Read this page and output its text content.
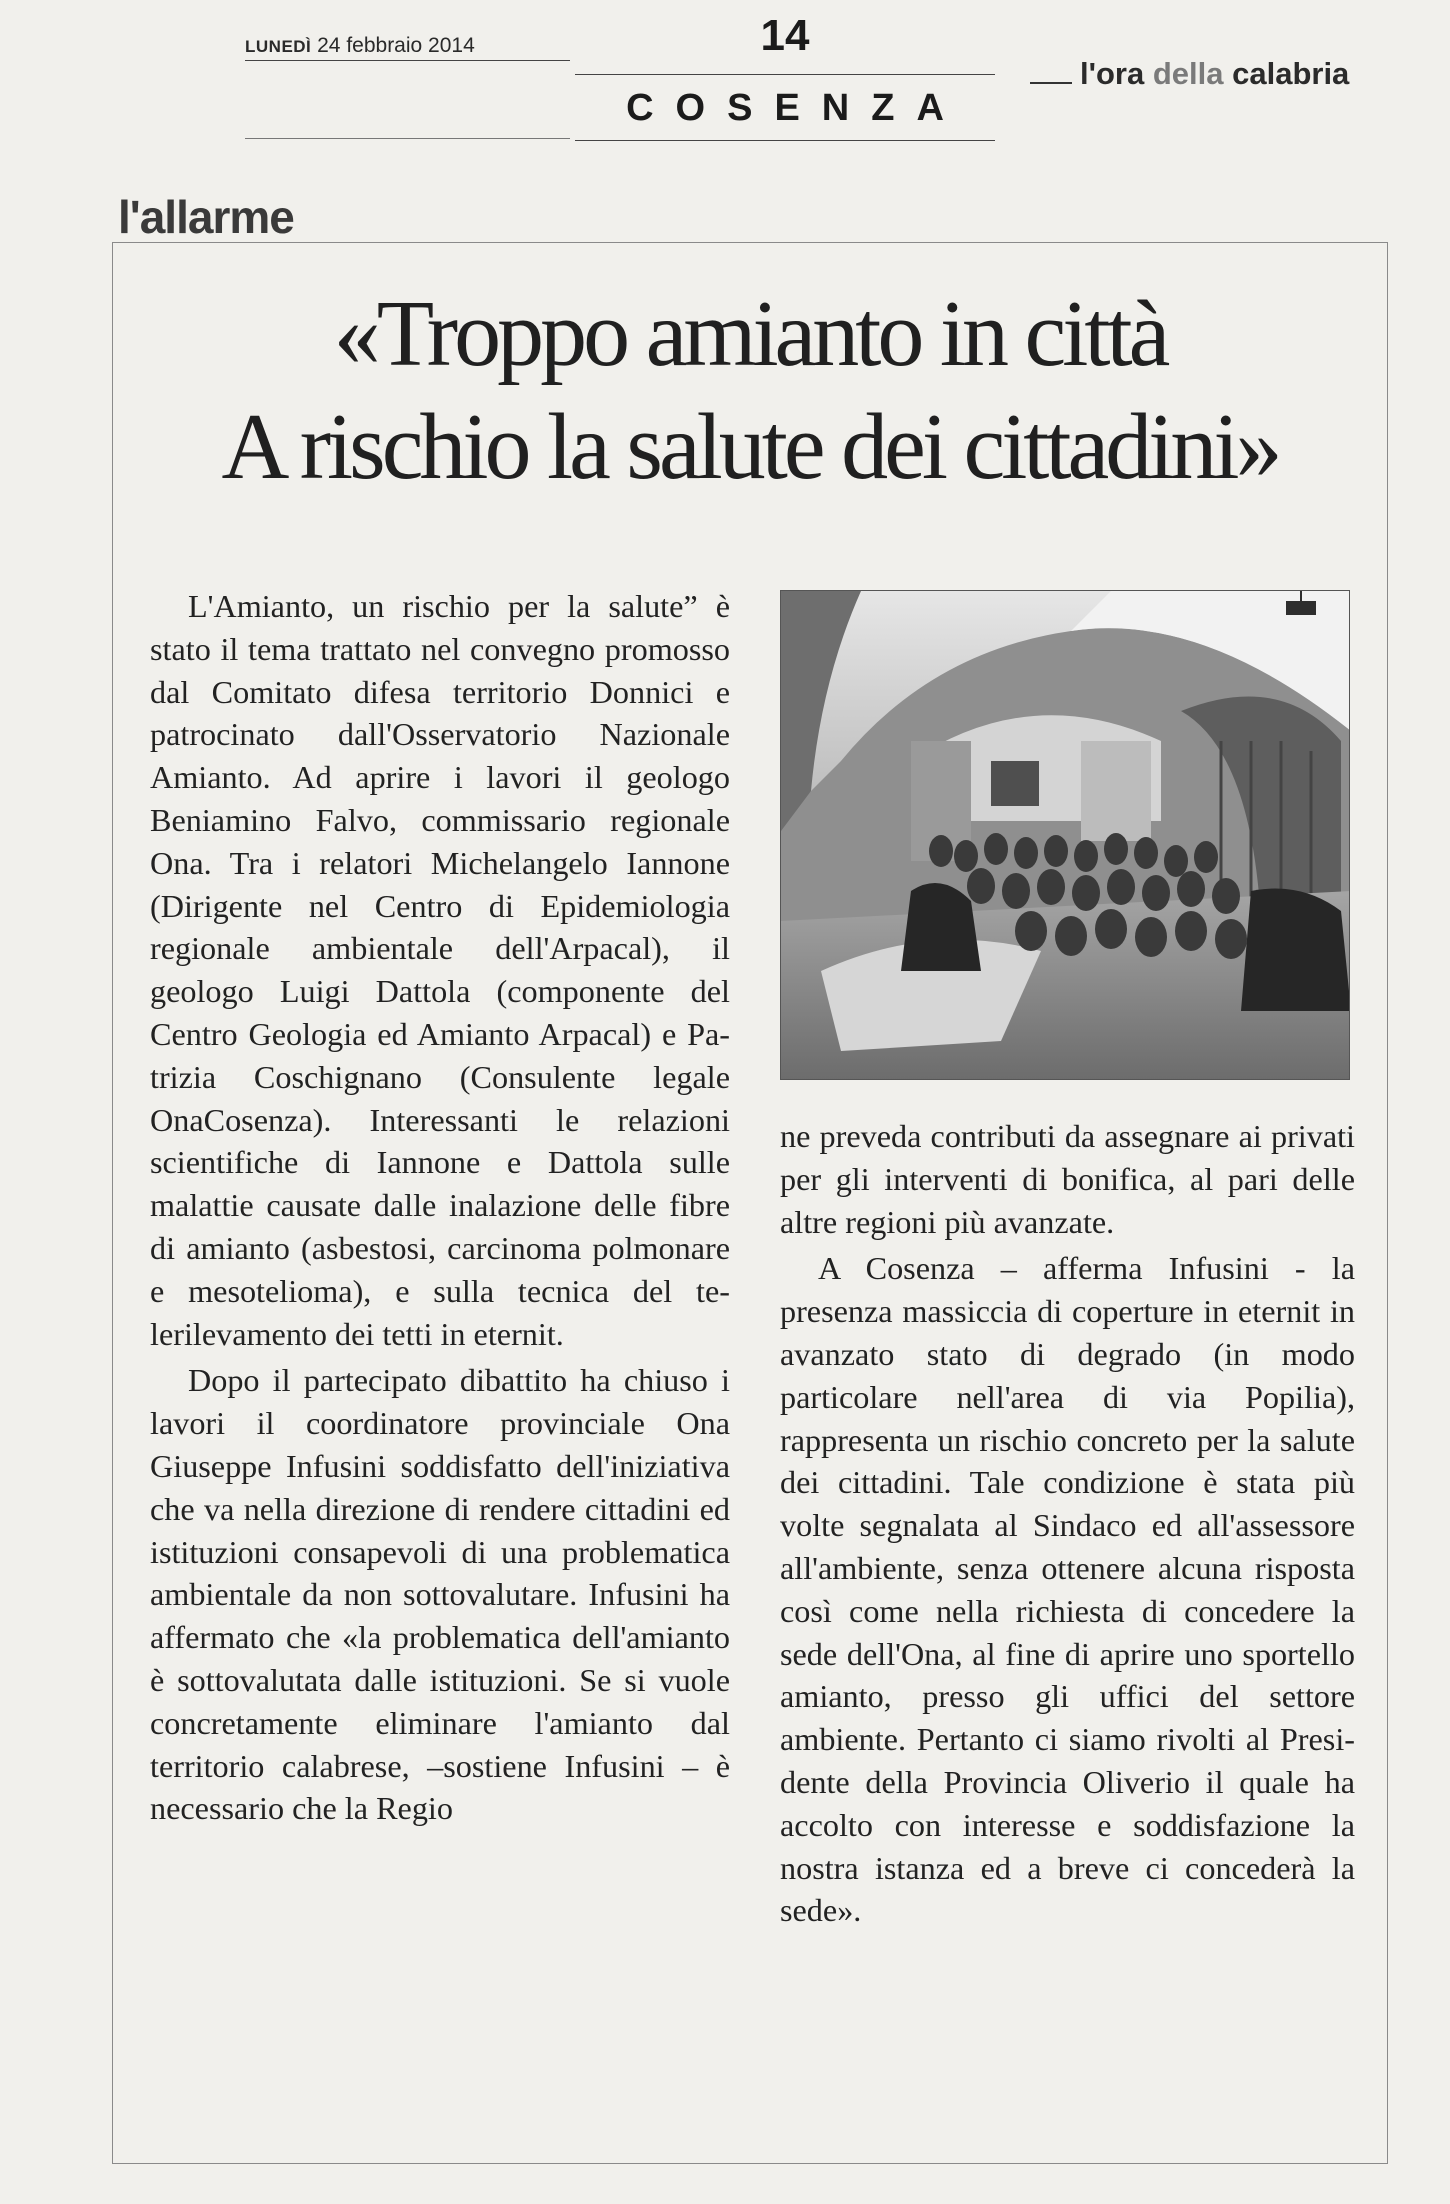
LUNEDÌ 24 febbraio 2014	14
COSENZA
l'ora della calabria
l'allarme
«Troppo amianto in città
A rischio la salute dei cittadini»

L'Amianto, un rischio per la salute” è stato il tema trattato nel convegno promosso dal Comitato difesa territorio Donnici e patrocinato dall'Osservatorio Nazionale Amianto. Ad aprire i lavori il geologo Beniamino Falvo, commissario regionale Ona. Tra i relatori Michelangelo Iannone (Dirigente nel Centro di Epidemiologia regionale ambientale dell'Arpacal), il geologo Luigi Dattola (componente del Centro Geologia ed Amianto Arpacal) e Patrizia Coschignano (Consulente legale OnaCosenza). Interessanti le relazioni scientifiche di Iannone e Dattola sulle malattie causate dalle inalazione delle fibre di amianto (asbestosi, carcinoma polmonare e mesotelioma), e sulla tecnica del telerilevamento dei tetti in eternit.

Dopo il partecipato dibattito ha chiuso i lavori il coordinatore provinciale Ona Giuseppe Infusini soddisfatto dell'iniziativa che va nella direzione di rendere cittadini ed istituzioni consapevoli di una problematica ambientale da non sottovalutare. Infusini ha affermato che «la problematica dell'amianto è sottovalutata dalle istituzioni. Se si vuole concretamente eliminare l'amianto dal territorio calabrese, –sostiene Infusini – è necessario che la Regio

ne preveda contributi da assegnare ai privati per gli interventi di bonifica, al pari delle altre regioni più avanzate.

A Cosenza – afferma Infusini - la presenza massiccia di coperture in eternit in avanzato stato di degrado (in modo particolare nell'area di via Popilia), rappresenta un rischio concreto per la salute dei cittadini. Tale condizione è stata più volte segnalata al Sindaco ed all'assessore all'ambiente, senza ottenere alcuna risposta così come nella richiesta di concedere la sede dell'Ona, al fine di aprire uno sportello amianto, presso gli uffici del settore ambiente. Pertanto ci siamo rivolti al Presidente della Provincia Oliverio il quale ha accolto con interesse e soddisfazione la nostra istanza ed a breve ci concederà la sede».
